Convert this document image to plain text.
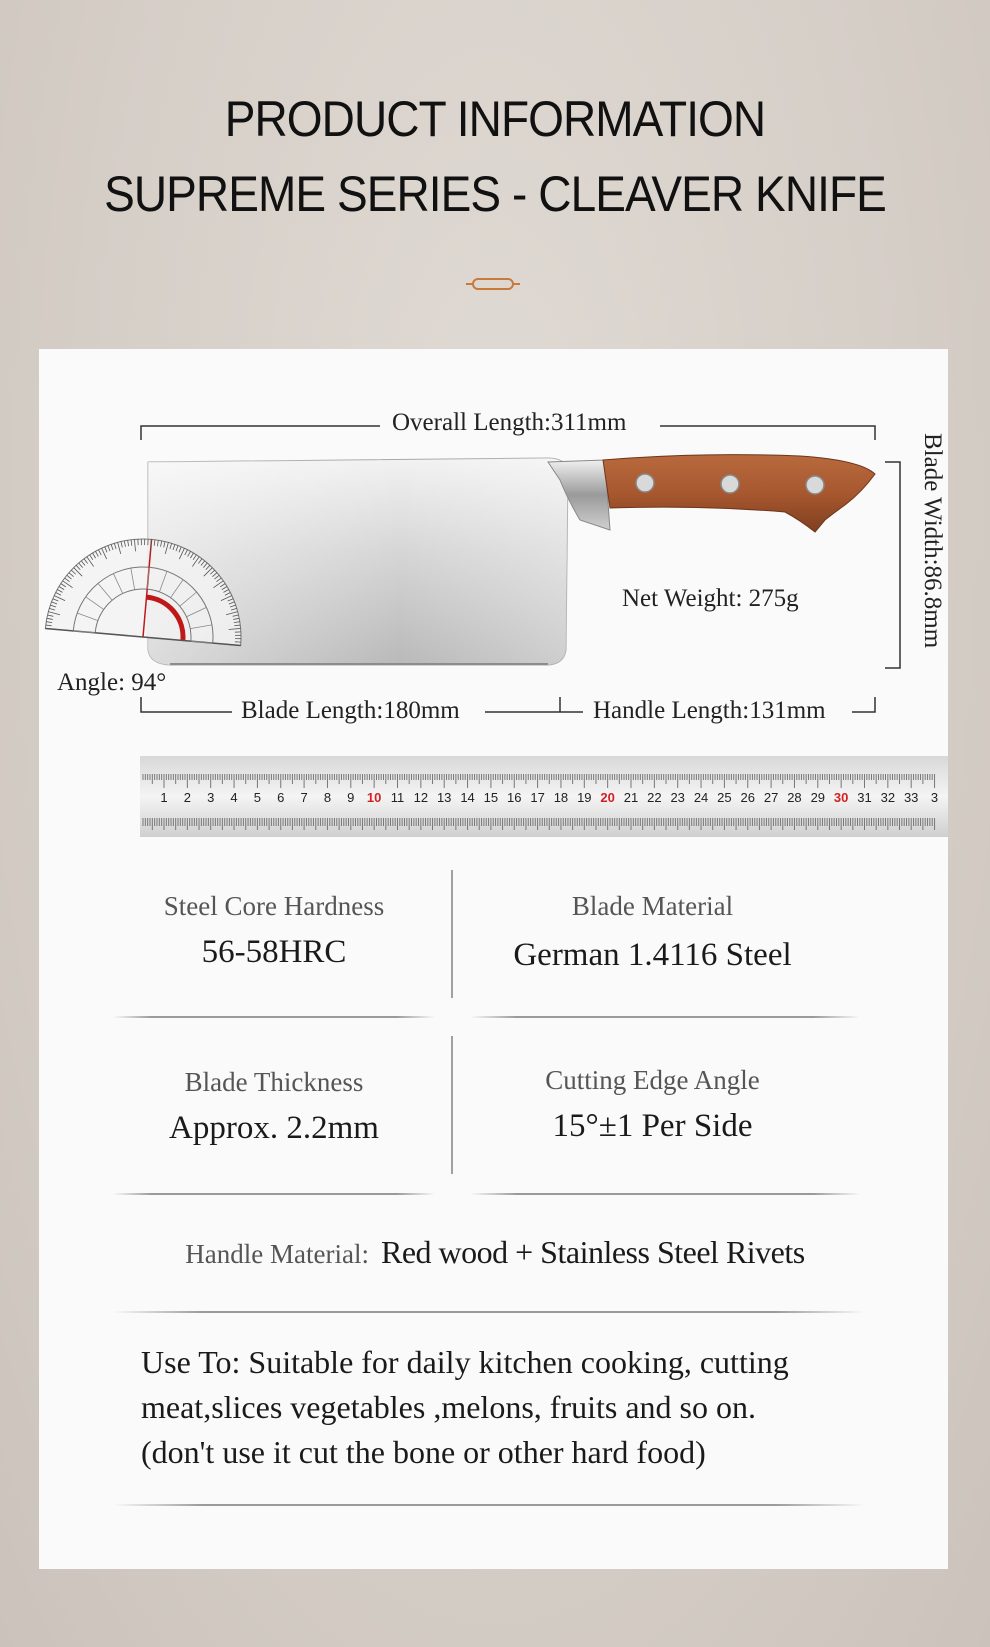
PRODUCT INFORMATION
SUPREME SERIES - CLEAVER KNIFE
Overall Length:311mm
Blade Width:86.8mm
Net Weight: 275g
Angle: 94°
Blade Length:180mm	Handle Length:131mm
1 2 3 4 5 6 7 8 9 10 11 12 13 14 15 16 17 18 19 20 21 22 23 24 25 26 27 28 29 30 31 32 33 3
Steel Core Hardness
56-58HRC
Blade Material
German 1.4116 Steel
Blade Thickness
Approx. 2.2mm
Cutting Edge Angle
15°±1 Per Side
Handle Material: Red wood + Stainless Steel Rivets
Use To: Suitable for daily kitchen cooking, cutting
meat,slices vegetables ,melons, fruits and so on.
(don't use it cut the bone or other hard food)
